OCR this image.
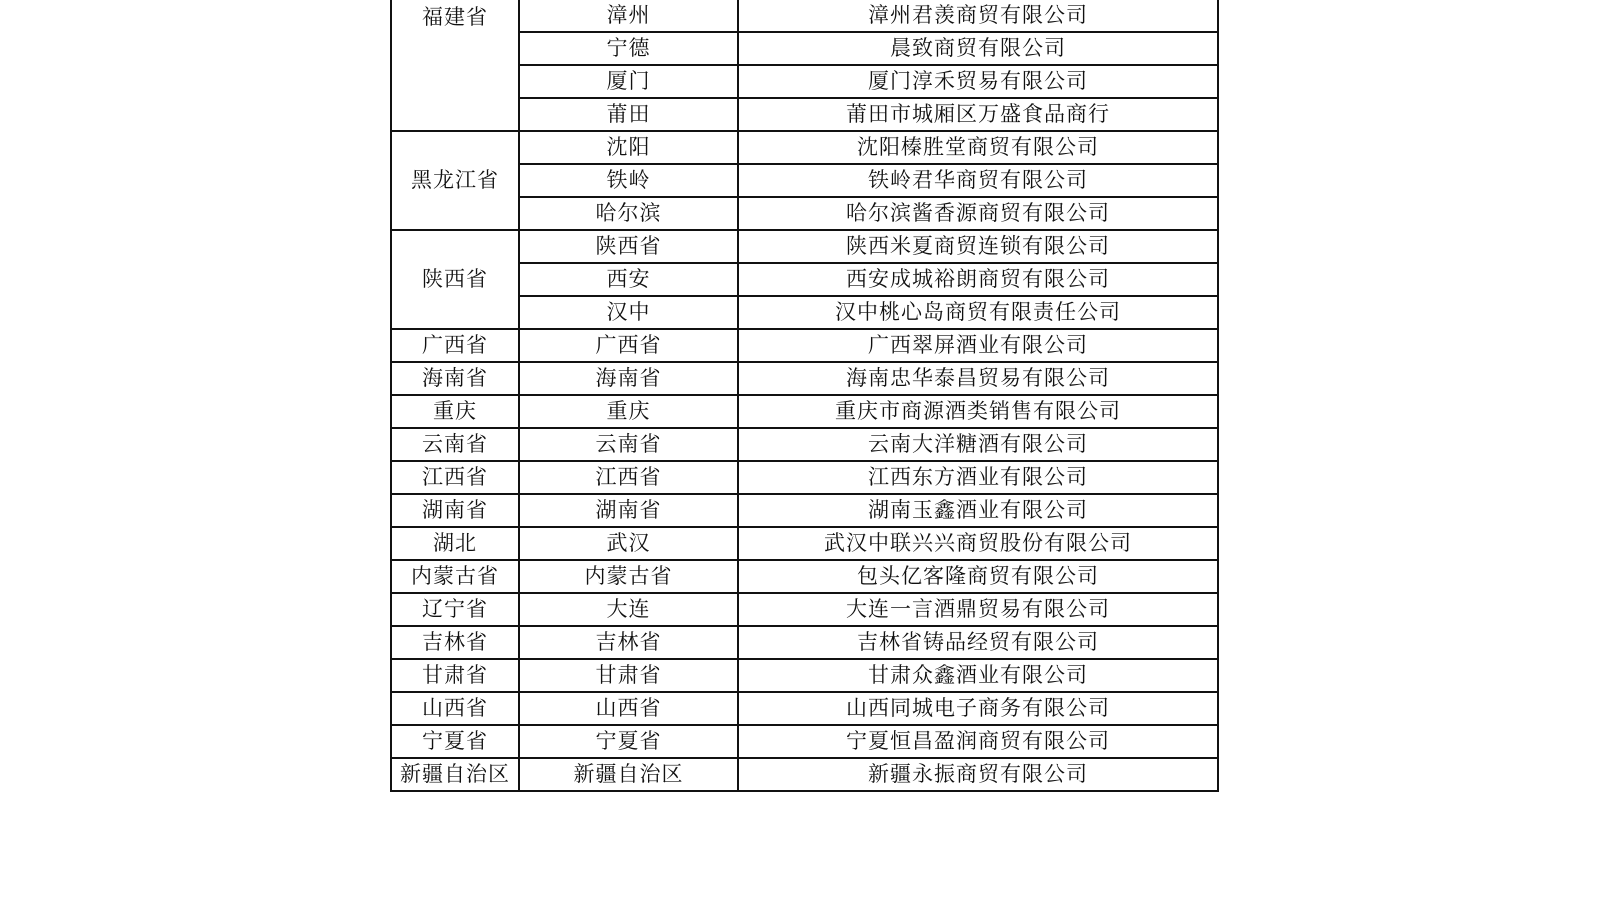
福建省	漳州	漳州君羡商贸有限公司
	宁德	晨致商贸有限公司
	厦门	厦门淳禾贸易有限公司
	莆田	莆田市城厢区万盛食品商行
黑龙江省	沈阳	沈阳榛胜堂商贸有限公司
	铁岭	铁岭君华商贸有限公司
	哈尔滨	哈尔滨酱香源商贸有限公司
陕西省	陕西省	陕西米夏商贸连锁有限公司
	西安	西安成城裕朗商贸有限公司
	汉中	汉中桃心岛商贸有限责任公司
广西省	广西省	广西翠屏酒业有限公司
海南省	海南省	海南忠华泰昌贸易有限公司
重庆	重庆	重庆市商源酒类销售有限公司
云南省	云南省	云南大洋糖酒有限公司
江西省	江西省	江西东方酒业有限公司
湖南省	湖南省	湖南玉鑫酒业有限公司
湖北	武汉	武汉中联兴兴商贸股份有限公司
内蒙古省	内蒙古省	包头亿客隆商贸有限公司
辽宁省	大连	大连一言酒鼎贸易有限公司
吉林省	吉林省	吉林省铸品经贸有限公司
甘肃省	甘肃省	甘肃众鑫酒业有限公司
山西省	山西省	山西同城电子商务有限公司
宁夏省	宁夏省	宁夏恒昌盈润商贸有限公司
新疆自治区	新疆自治区	新疆永振商贸有限公司
